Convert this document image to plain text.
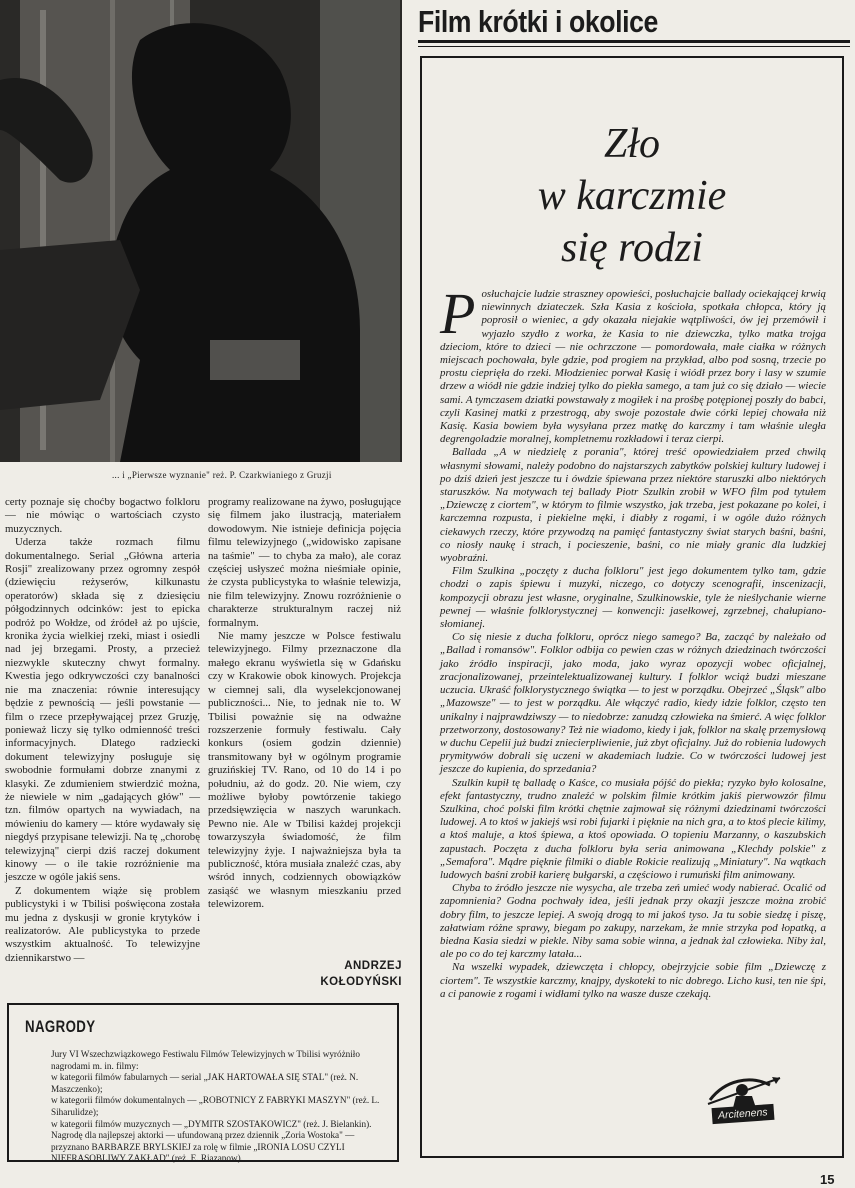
... i „Pierwsze wyznanie" reż. P. Czarkwianiego z Gruzji

certy poznaje się choćby bogactwo folkloru — nie mówiąc o wartościach czysto muzycznych.

Uderza także rozmach filmu dokumentalnego. Serial „Główna arteria Rosji" zrealizowany przez ogromny zespół (dziewięciu reżyserów, kilkunastu operatorów) składa się z dziesięciu półgodzinnych odcinków: jest to epicka podróż po Wołdze, od źródeł aż po ujście, kronika życia wielkiej rzeki, miast i osiedli nad jej brzegami. Prosty, a przecież niezwykle skuteczny chwyt formalny. Kwestia jego odkrywczości czy banalności nie ma znaczenia: równie interesujący będzie z pewnością — jeśli powstanie — film o rzece przepływającej przez Gruzję, ponieważ liczy się tylko odmienność treści informacyjnych. Dlatego radziecki dokument telewizyjny posługuje się swobodnie formułami dobrze znanymi z klasyki. Ze zdumieniem stwierdzić można, że niewiele w nim „gadających głów" — tzn. filmów opartych na wywiadach, na mówieniu do kamery — które wydawały się niegdyś przypisane telewizji. Na tę „chorobę telewizyjną" cierpi dziś raczej dokument kinowy — o ile takie rozróżnienie ma jeszcze w ogóle jakiś sens.

Z dokumentem wiąże się problem publicystyki i w Tbilisi poświęcona została mu jedna z dyskusji w gronie krytyków i realizatorów. Ale publicystyka to przede wszystkim aktualność. To telewizyjne dziennikarstwo —

programy realizowane na żywo, posługujące się filmem jako ilustracją, materiałem dowodowym. Nie istnieje definicja pojęcia filmu telewizyjnego („widowisko zapisane na taśmie" — to chyba za mało), ale coraz częściej usłyszeć można nieśmiałe opinie, że czysta publicystyka to właśnie telewizja, nie film telewizyjny. Znowu rozróżnienie o charakterze strukturalnym raczej niż formalnym.

Nie mamy jeszcze w Polsce festiwalu telewizyjnego. Filmy przeznaczone dla małego ekranu wyświetla się w Gdańsku czy w Krakowie obok kinowych. Projekcja w ciemnej sali, dla wyselekcjonowanej publiczności... Nie, to jednak nie to. W Tbilisi poważnie się na odważne rozszerzenie formuły festiwalu. Cały konkurs (osiem godzin dziennie) transmitowany był w ogólnym programie gruzińskiej TV. Rano, od 10 do 14 i po południu, aż do godz. 20. Nie wiem, czy możliwe byłoby powtórzenie takiego przedsięwzięcia w naszych warunkach. Pewno nie. Ale w Tbilisi każdej projekcji towarzyszyła świadomość, że film telewizyjny żyje. I najważniejsza była ta publiczność, która musiała znaleźć czas, aby wśród innych, codziennych obowiązków zasiąść we własnym mieszkaniu przed telewizorem.

ANDRZEJ
KOŁODYŃSKI
NAGRODY
Jury VI Wszechzwiązkowego Festiwalu Filmów Telewizyjnych w Tbilisi wyróżniło nagrodami m. in. filmy:
w kategorii filmów fabularnych — serial „JAK HARTOWAŁA SIĘ STAL" (reż. N. Maszczenko);
w kategorii filmów dokumentalnych — „ROBOTNICY Z FABRYKI MASZYN" (reż. L. Siharulidze);
w kategorii filmów muzycznych — „DYMITR SZOSTAKOWICZ" (reż. J. Bielankin).
Nagrodę dla najlepszej aktorki — ufundowaną przez dziennik „Zoria Wostoka" — przyznano BARBARZE BRYLSKIEJ za rolę w filmie „IRONIA LOSU CZYLI NIEFRASOBLIWY ZAKŁAD" (reż. E. Riazanow).
Film krótki i okolice
Zło
w karczmie
się rodzi

Posłuchajcie ludzie straszney opowieści, posłuchajcie ballady ociekającej krwią niewinnych dziateczek. Szła Kasia z kościoła, spotkała chłopca, który ją poprosił o wieniec, a gdy okazała niejakie wątpliwości, ów jej przemówił i wyjazło szydło z worka, że Kasia to nie dziewczka, tylko matka trojga dzieciom, które to dzieci — nie ochrzczone — pomordowała, małe ciałka w różnych miejscach pochowała, byle gdzie, pod progiem na przykład, albo pod sosną, trzecie po prostu cieprięła do rzeki. Młodzieniec porwał Kasię i wiódł przez bory i lasy w szumie drzew a wiódł nie gdzie indziej tylko do piekła samego, a tam już co się działo — wiecie sami. A tymczasem dziatki powstawały z mogiłek i na prośbę potępionej poszły do babci, czyli Kasinej matki z przestrogą, aby swoje pozostałe dwie córki lepiej chowała niż Kasię. Kasia bowiem była wysyłana przez matkę do karczmy i tam właśnie uległa degrengoladzie moralnej, kompletnemu rozkładowi i teraz cierpi.

Ballada „A w niedzielę z porania", której treść opowiedziałem przed chwilą własnymi słowami, należy podobno do najstarszych zabytków polskiej kultury ludowej i po dziś dzień jest jeszcze tu i ówdzie śpiewana przez niektóre staruszki albo niektórych staruszków. Na motywach tej ballady Piotr Szulkin zrobił w WFO film pod tytułem „Dziewczę z ciortem", w którym to filmie wszystko, jak trzeba, jest pokazane po kolei, i karczemna rozpusta, i piekielne męki, i diabły z rogami, i w ogóle dużo różnych ciekawych rzeczy, które przywodzą na pamięć fantastyczny świat starych baśni, baśni, co niosły naukę i strach, i pocieszenie, baśni, co nie miały granic dla ludzkiej wyobraźni.

Film Szulkina „poczęty z ducha folkloru" jest jego dokumentem tylko tam, gdzie chodzi o zapis śpiewu i muzyki, niczego, co dotyczy scenografii, inscenizacji, kompozycji obrazu jest własne, oryginalne, Szulkinowskie, tyle że nieślychanie wierne pewnej — właśnie folklorystycznej — konwencji: jasełkowej, zgrzebnej, chałupiano-słomianej.

Co się niesie z ducha folkloru, oprócz niego samego? Ba, zacząć by należało od „Ballad i romansów". Folklor odbija co pewien czas w różnych dziedzinach twórczości jako źródło inspiracji, jako moda, jako wyraz opozycji wobec oficjalnej, zracjonalizowanej, przeintelektualizowanej kultury. I folklor wciąż budzi mieszane uczucia. Ukraść folklorystycznego świątka — to jest w porządku. Obejrzeć „Śląsk" albo „Mazowsze" — to jest w porządku. Ale włączyć radio, kiedy idzie folklor, często ten unikalny i najprawdziwszy — to niedobrze: zanudzą człowieka na śmierć. A więc folklor przetworzony, dostosowany? Też nie wiadomo, kiedy i jak, folklor na skalę przemysłową w duchu Cepelii już budzi zniecierpliwienie, już zbyt oficjalny. Już do robienia ludowych prymitywów dobrali się uczeni w akademiach ludzie. Co w twórczości ludowej jest jeszcze do kupienia, do sprzedania?

Szulkin kupił tę balladę o Kaśce, co musiała pójść do piekła; ryzyko było kolosalne, efekt fantastyczny, trudno znaleźć w polskim filmie krótkim jakiś pierwowzór filmu Szulkina, choć polski film krótki chętnie zajmował się różnymi dziedzinami twórczości ludowej. A to ktoś w jakiejś wsi robi fujarki i pięknie na nich gra, a to ktoś plecie kilimy, a ktoś maluje, a ktoś śpiewa, a ktoś opowiada. O topieniu Marzanny, o kaszubskich zapustach. Poczęta z ducha folkloru była seria animowana „Klechdy polskie" z „Semafora". Mądre pięknie filmiki o diable Rokicie realizują „Miniatury". Na wątkach ludowych baśni zrobił karierę bułgarski, a częściowo i rumuński film animowany.

Chyba to źródło jeszcze nie wysycha, ale trzeba zeń umieć wody nabierać. Ocalić od zapomnienia? Godna pochwały idea, jeśli jednak przy okazji jeszcze można zrobić dobry film, to jeszcze lepiej. A swoją drogą to mi jakoś tyso. Ja tu sobie siedzę i piszę, załatwiam różne sprawy, biegam po zakupy, narzekam, że mnie strzyka pod łopatką, a biedna Kasia siedzi w piekle. Niby sama sobie winna, a jednak żal człowieka. Niby żal, ale po co do tej karczmy latała...

Na wszelki wypadek, dziewczęta i chłopcy, obejrzyjcie sobie film „Dziewczę z ciortem". Te wszystkie karczmy, knajpy, dyskoteki to nic dobrego. Licho kusi, ten nie śpi, a ci panowie z rogami i widłami tylko na wasze dusze czekają.

Arcitenens
15
